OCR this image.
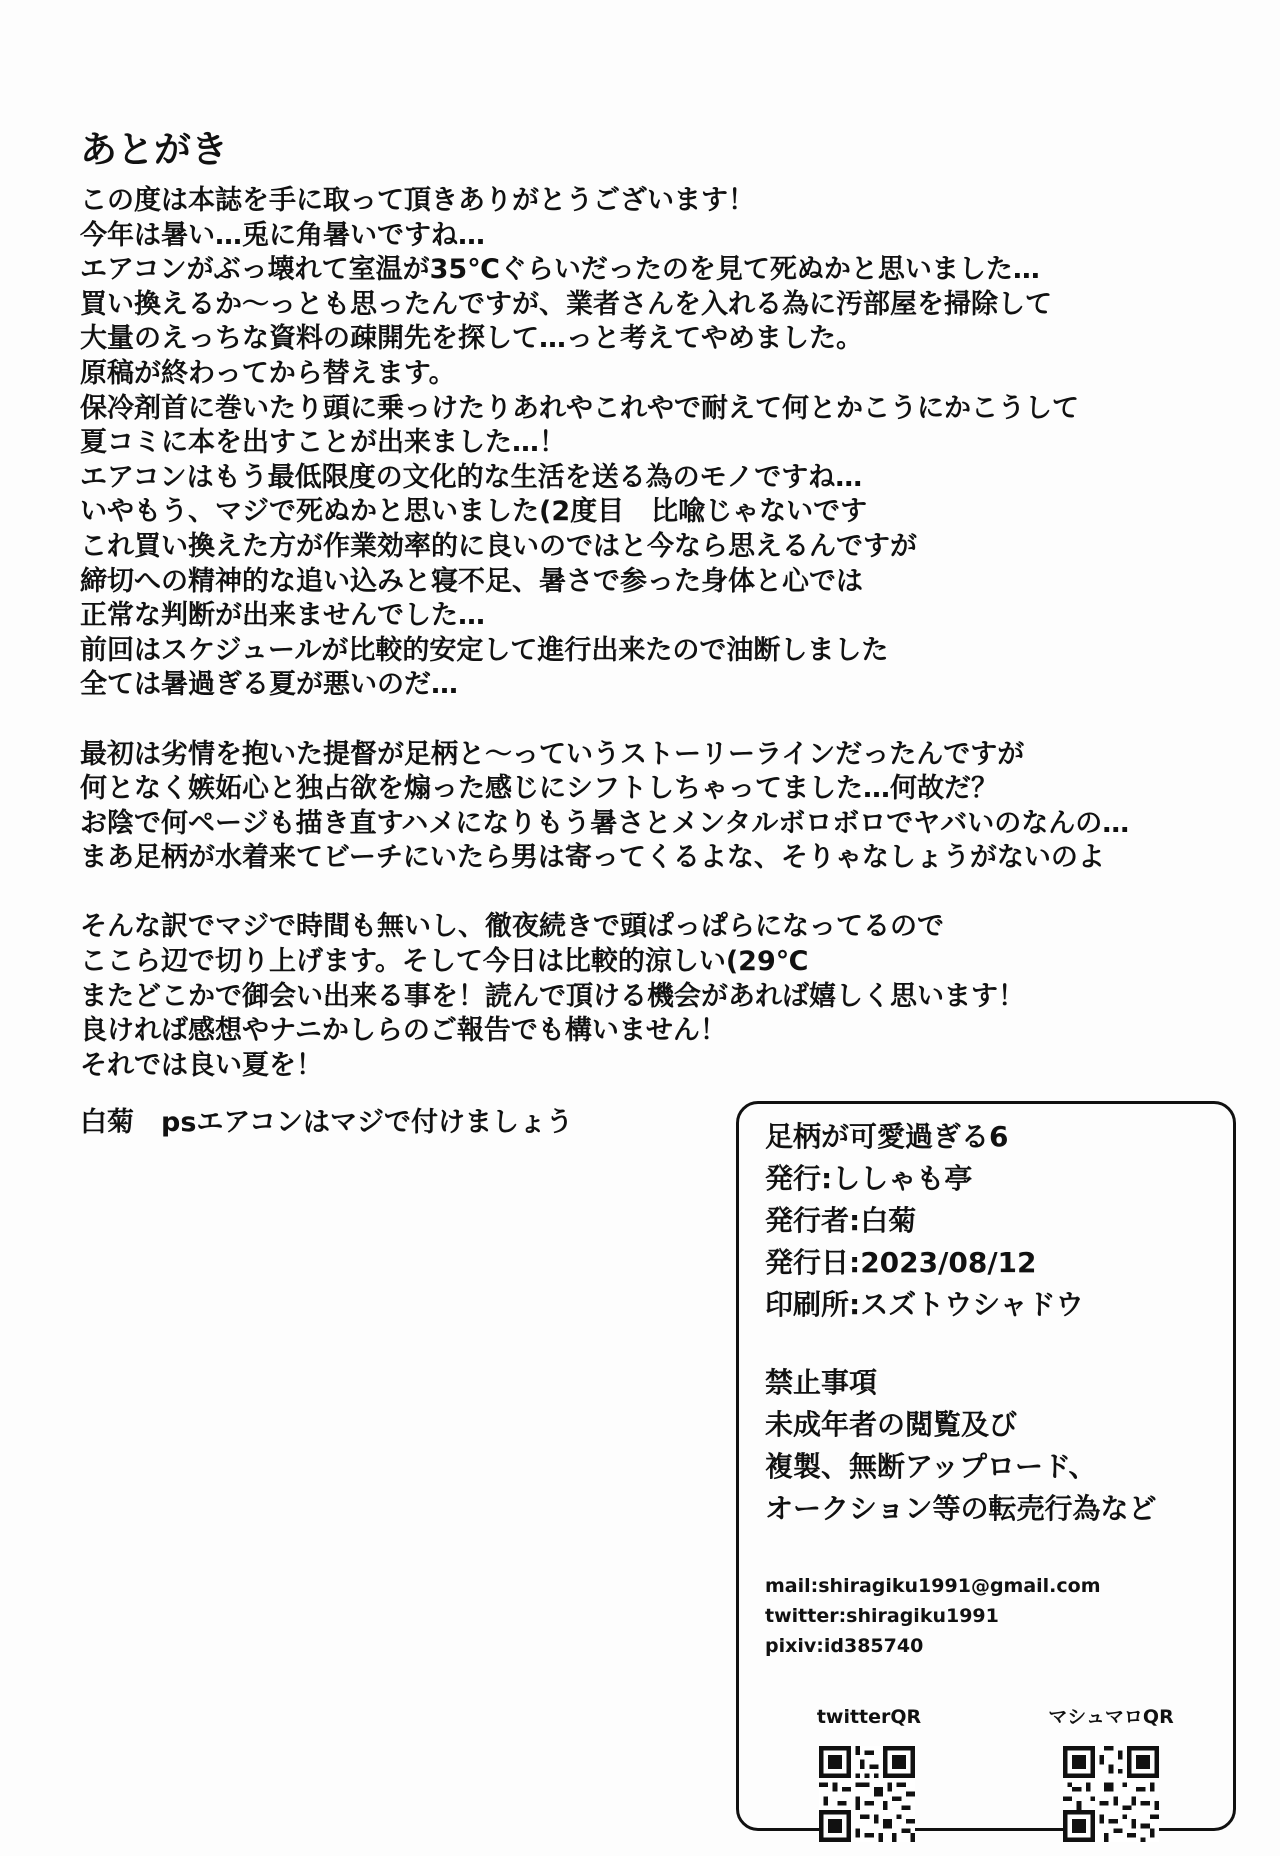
あとがき
この度は本誌を手に取って頂きありがとうございます！
今年は暑い…兎に角暑いですね…
エアコンがぶっ壊れて室温が35℃ぐらいだったのを見て死ぬかと思いました…
買い換えるか〜っとも思ったんですが、業者さんを入れる為に汚部屋を掃除して
大量のえっちな資料の疎開先を探して…っと考えてやめました。
原稿が終わってから替えます。
保冷剤首に巻いたり頭に乗っけたりあれやこれやで耐えて何とかこうにかこうして
夏コミに本を出すことが出来ました…！
エアコンはもう最低限度の文化的な生活を送る為のモノですね…
いやもう、マジで死ぬかと思いました(2度目　比喩じゃないです
これ買い換えた方が作業効率的に良いのではと今なら思えるんですが
締切への精神的な追い込みと寝不足、暑さで参った身体と心では
正常な判断が出来ませんでした…
前回はスケジュールが比較的安定して進行出来たので油断しました
全ては暑過ぎる夏が悪いのだ…
最初は劣情を抱いた提督が足柄と〜っていうストーリーラインだったんですが
何となく嫉妬心と独占欲を煽った感じにシフトしちゃってました…何故だ？
お陰で何ページも描き直すハメになりもう暑さとメンタルボロボロでヤバいのなんの…
まあ足柄が水着来てビーチにいたら男は寄ってくるよな、そりゃなしょうがないのよ
そんな訳でマジで時間も無いし、徹夜続きで頭ぱっぱらになってるので
ここら辺で切り上げます。そして今日は比較的涼しい(29℃
またどこかで御会い出来る事を！読んで頂ける機会があれば嬉しく思います！
良ければ感想やナニかしらのご報告でも構いません！
それでは良い夏を！
白菊　psエアコンはマジで付けましょう	足柄が可愛過ぎる6
発行:ししゃも亭
発行者:白菊
発行日:2023/08/12
印刷所:スズトウシャドウ
禁止事項
未成年者の閲覧及び
複製、無断アップロード、
オークション等の転売行為など
mail:shiragiku1991@gmail.com
twitter:shiragiku1991
pixiv:id385740
twitterQR	マシュマロQR
